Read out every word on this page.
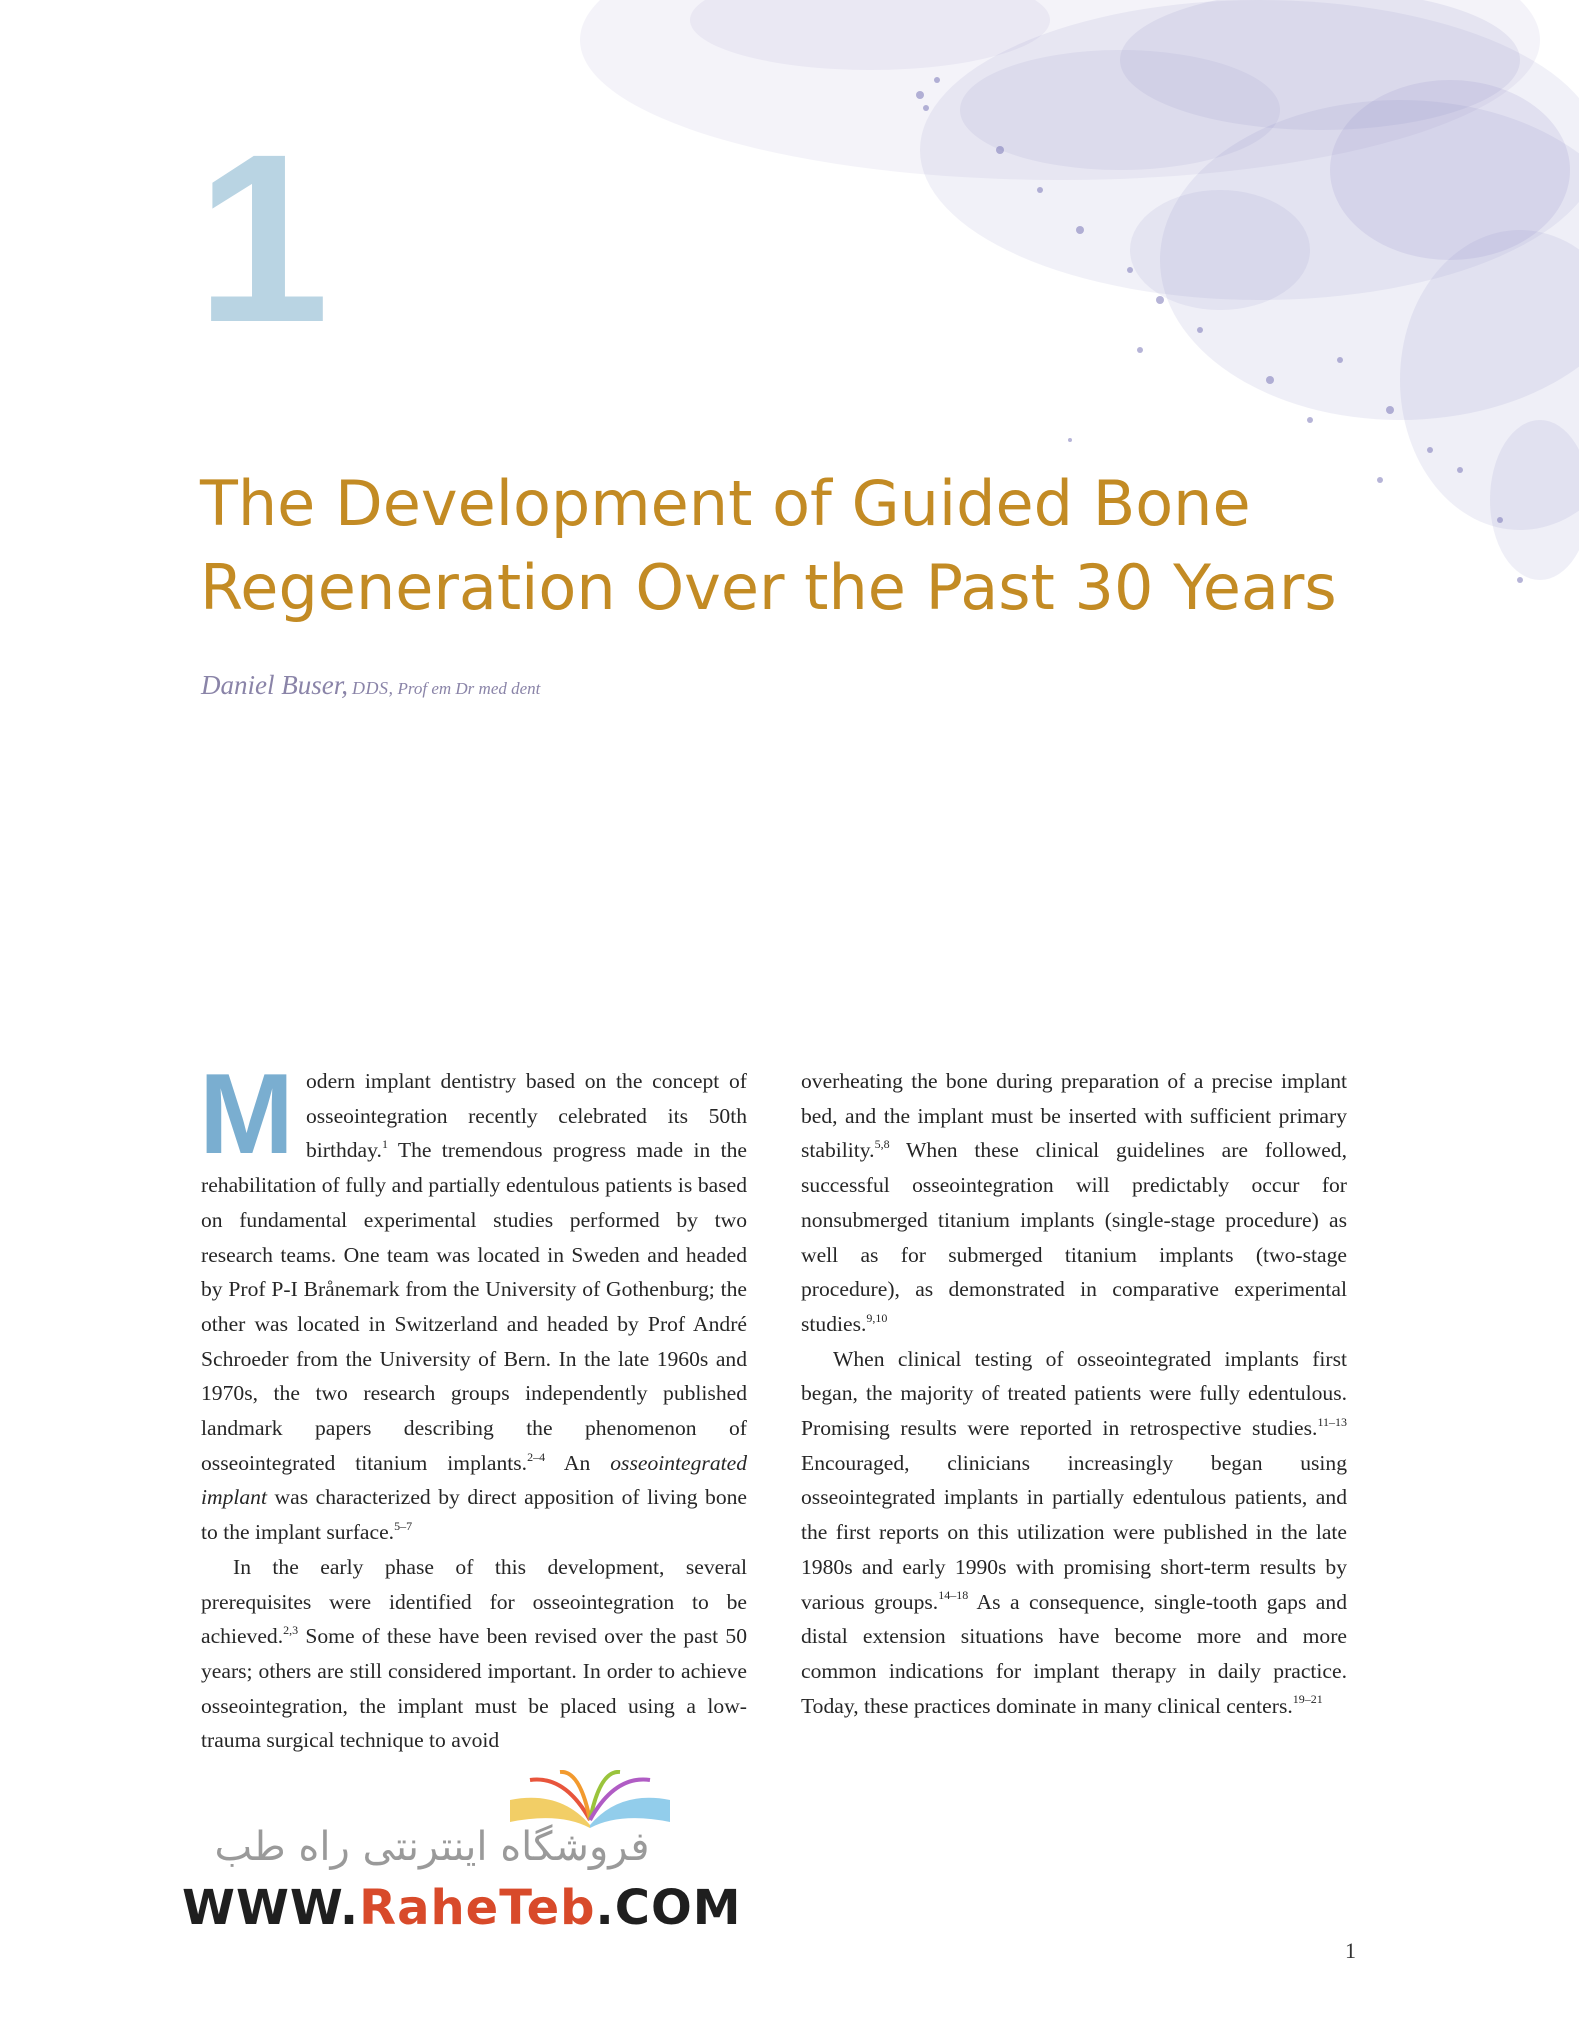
1
The Development of Guided Bone Regeneration Over the Past 30 Years
Daniel Buser, DDS, Prof em Dr med dent

Modern implant dentistry based on the concept of osseointegration recently celebrated its 50th birthday.$^1$ The tremendous progress made in the rehabilitation of fully and partially edentulous patients is based on fundamental experimental studies performed by two research teams. One team was located in Sweden and headed by Prof P-I Brånemark from the University of Gothenburg; the other was located in Switzerland and headed by Prof André Schroeder from the University of Bern. In the late 1960s and 1970s, the two research groups independently published landmark papers describing the phenomenon of osseointegrated titanium implants.$^{2-4}$ An osseointegrated implant was characterized by direct apposition of living bone to the implant surface.$^{5-7}$

In the early phase of this development, several prerequisites were identified for osseointegration to be achieved.$^{2,3}$ Some of these have been revised over the past 50 years; others are still considered important. In order to achieve osseointegration, the implant must be placed using a low-trauma surgical technique to avoid

overheating the bone during preparation of a precise implant bed, and the implant must be inserted with sufficient primary stability.$^{5,8}$ When these clinical guidelines are followed, successful osseointegration will predictably occur for nonsubmerged titanium implants (single-stage procedure) as well as for submerged titanium implants (two-stage procedure), as demonstrated in comparative experimental studies.$^{9,10}$

When clinical testing of osseointegrated implants first began, the majority of treated patients were fully edentulous. Promising results were reported in retrospective studies.$^{11-13}$ Encouraged, clinicians increasingly began using osseointegrated implants in partially edentulous patients, and the first reports on this utilization were published in the late 1980s and early 1990s with promising short-term results by various groups.$^{14-18}$ As a consequence, single-tooth gaps and distal extension situations have become more and more common indications for implant therapy in daily practice. Today, these practices dominate in many clinical centers.$^{19-21}$

فروشگاه اینترنتی راه طب
WWW.RaheTeb.COM
1
